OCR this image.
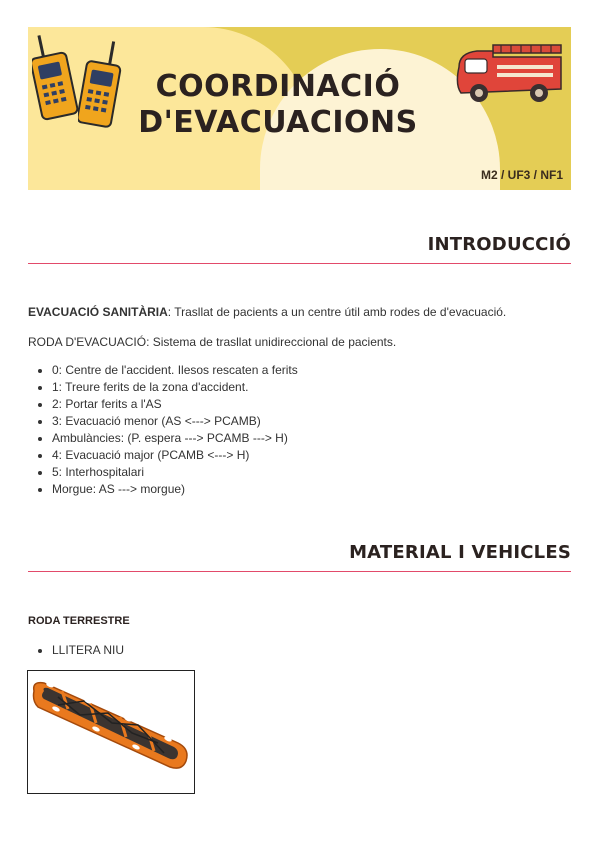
COORDINACIÓ
D'EVACUACIONS
M2 / UF3 / NF1
INTRODUCCIÓ
EVACUACIÓ SANITÀRIA: Trasllat de pacients a un centre útil amb rodes de d'evacuació.
RODA D'EVACUACIÓ: Sistema de trasllat unidireccional de pacients.
0: Centre de l'accident. Ilesos rescaten a ferits
1: Treure ferits de la zona d'accident.
2: Portar ferits a l'AS
3: Evacuació menor (AS <---> PCAMB)
Ambulàncies: (P. espera ---> PCAMB ---> H)
4: Evacuació major (PCAMB <---> H)
5: Interhospitalari
Morgue: AS ---> morgue)
MATERIAL I VEHICLES
RODA TERRESTRE
LLITERA NIU
